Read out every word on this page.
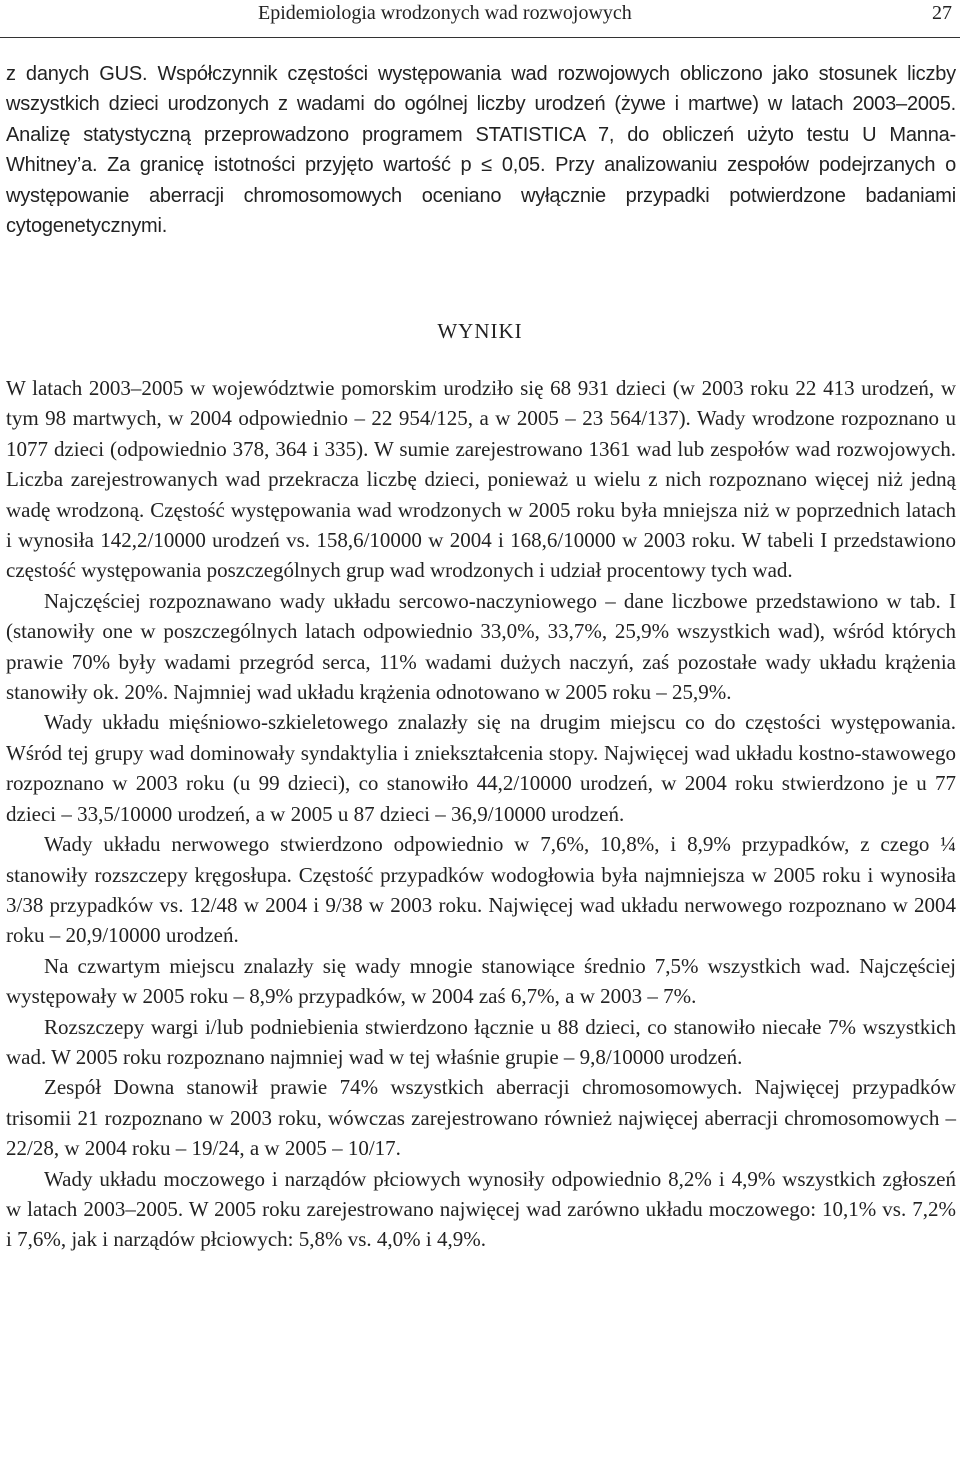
Epidemiologia wrodzonych wad rozwojowych	27

z danych GUS. Współczynnik częstości występowania wad rozwojowych obliczono jako stosunek liczby wszystkich dzieci urodzonych z wadami do ogólnej liczby urodzeń (żywe i martwe) w latach 2003–2005. Analizę statystyczną przeprowadzono programem STATISTICA 7, do obliczeń użyto testu U Manna-Whitney’a. Za granicę istotności przyjęto wartość p ≤ 0,05. Przy analizowaniu zespołów podejrzanych o występowanie aberracji chromosomowych oceniano wyłącznie przypadki potwierdzone badaniami cytogenetycznymi.

WYNIKI

W latach 2003–2005 w województwie pomorskim urodziło się 68 931 dzieci (w 2003 roku 22 413 urodzeń, w tym 98 martwych, w 2004 odpowiednio – 22 954/125, a w 2005 – 23 564/137). Wady wrodzone rozpoznano u 1077 dzieci (odpowiednio 378, 364 i 335). W sumie zarejestrowano 1361 wad lub zespołów wad rozwojowych. Liczba zarejestrowanych wad przekracza liczbę dzieci, ponieważ u wielu z nich rozpoznano więcej niż jedną wadę wrodzoną. Częstość występowania wad wrodzonych w 2005 roku była mniejsza niż w poprzednich latach i wynosiła 142,2/10000 urodzeń vs. 158,6/10000 w 2004 i 168,6/10000 w 2003 roku. W tabeli I przedstawiono częstość występowania poszczególnych grup wad wrodzonych i udział procentowy tych wad.

Najczęściej rozpoznawano wady układu sercowo-naczyniowego – dane liczbowe przedstawiono w tab. I (stanowiły one w poszczególnych latach odpowiednio 33,0%, 33,7%, 25,9% wszystkich wad), wśród których prawie 70% były wadami przegród serca, 11% wadami dużych naczyń, zaś pozostałe wady układu krążenia stanowiły ok. 20%. Najmniej wad układu krążenia odnotowano w 2005 roku – 25,9%.

Wady układu mięśniowo-szkieletowego znalazły się na drugim miejscu co do częstości występowania. Wśród tej grupy wad dominowały syndaktylia i zniekształcenia stopy. Najwięcej wad układu kostno-stawowego rozpoznano w 2003 roku (u 99 dzieci), co stanowiło 44,2/10000 urodzeń, w 2004 roku stwierdzono je u 77 dzieci – 33,5/10000 urodzeń, a w 2005 u 87 dzieci – 36,9/10000 urodzeń.

Wady układu nerwowego stwierdzono odpowiednio w 7,6%, 10,8%, i 8,9% przypadków, z czego ¼ stanowiły rozszczepy kręgosłupa. Częstość przypadków wodogłowia była najmniejsza w 2005 roku i wynosiła 3/38 przypadków vs. 12/48 w 2004 i 9/38 w 2003 roku. Najwięcej wad układu nerwowego rozpoznano w 2004 roku – 20,9/10000 urodzeń.

Na czwartym miejscu znalazły się wady mnogie stanowiące średnio 7,5% wszystkich wad. Najczęściej występowały w 2005 roku – 8,9% przypadków, w 2004 zaś 6,7%, a w 2003 – 7%.

Rozszczepy wargi i/lub podniebienia stwierdzono łącznie u 88 dzieci, co stanowiło niecałe 7% wszystkich wad. W 2005 roku rozpoznano najmniej wad w tej właśnie grupie – 9,8/10000 urodzeń.

Zespół Downa stanowił prawie 74% wszystkich aberracji chromosomowych. Najwięcej przypadków trisomii 21 rozpoznano w 2003 roku, wówczas zarejestrowano również najwięcej aberracji chromosomowych – 22/28, w 2004 roku – 19/24, a w 2005 – 10/17.

Wady układu moczowego i narządów płciowych wynosiły odpowiednio 8,2% i 4,9% wszystkich zgłoszeń w latach 2003–2005. W 2005 roku zarejestrowano najwięcej wad zarówno układu moczowego: 10,1% vs. 7,2% i 7,6%, jak i narządów płciowych: 5,8% vs. 4,0% i 4,9%.
